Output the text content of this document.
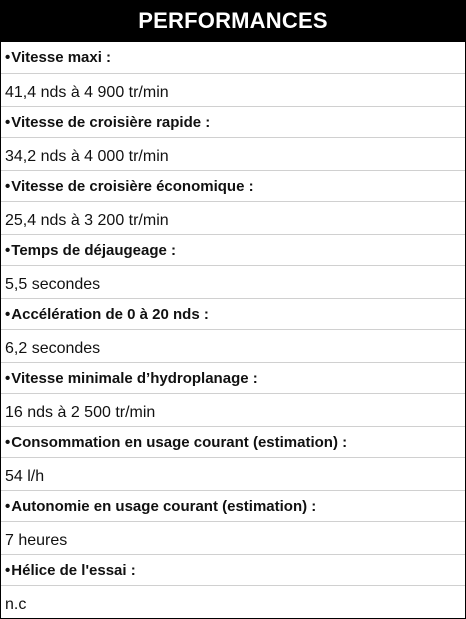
PERFORMANCES
• Vitesse maxi :
41,4 nds à 4 900 tr/min
• Vitesse de croisière rapide :
34,2 nds à 4 000 tr/min
• Vitesse de croisière économique :
25,4 nds à 3 200 tr/min
• Temps de déjaugeage :
5,5 secondes
• Accélération de 0 à 20 nds :
6,2 secondes
• Vitesse minimale d’hydroplanage :
16 nds à 2 500 tr/min
• Consommation en usage courant (estimation) :
54 l/h
• Autonomie en usage courant (estimation) :
7 heures
• Hélice de l'essai :
n.c
